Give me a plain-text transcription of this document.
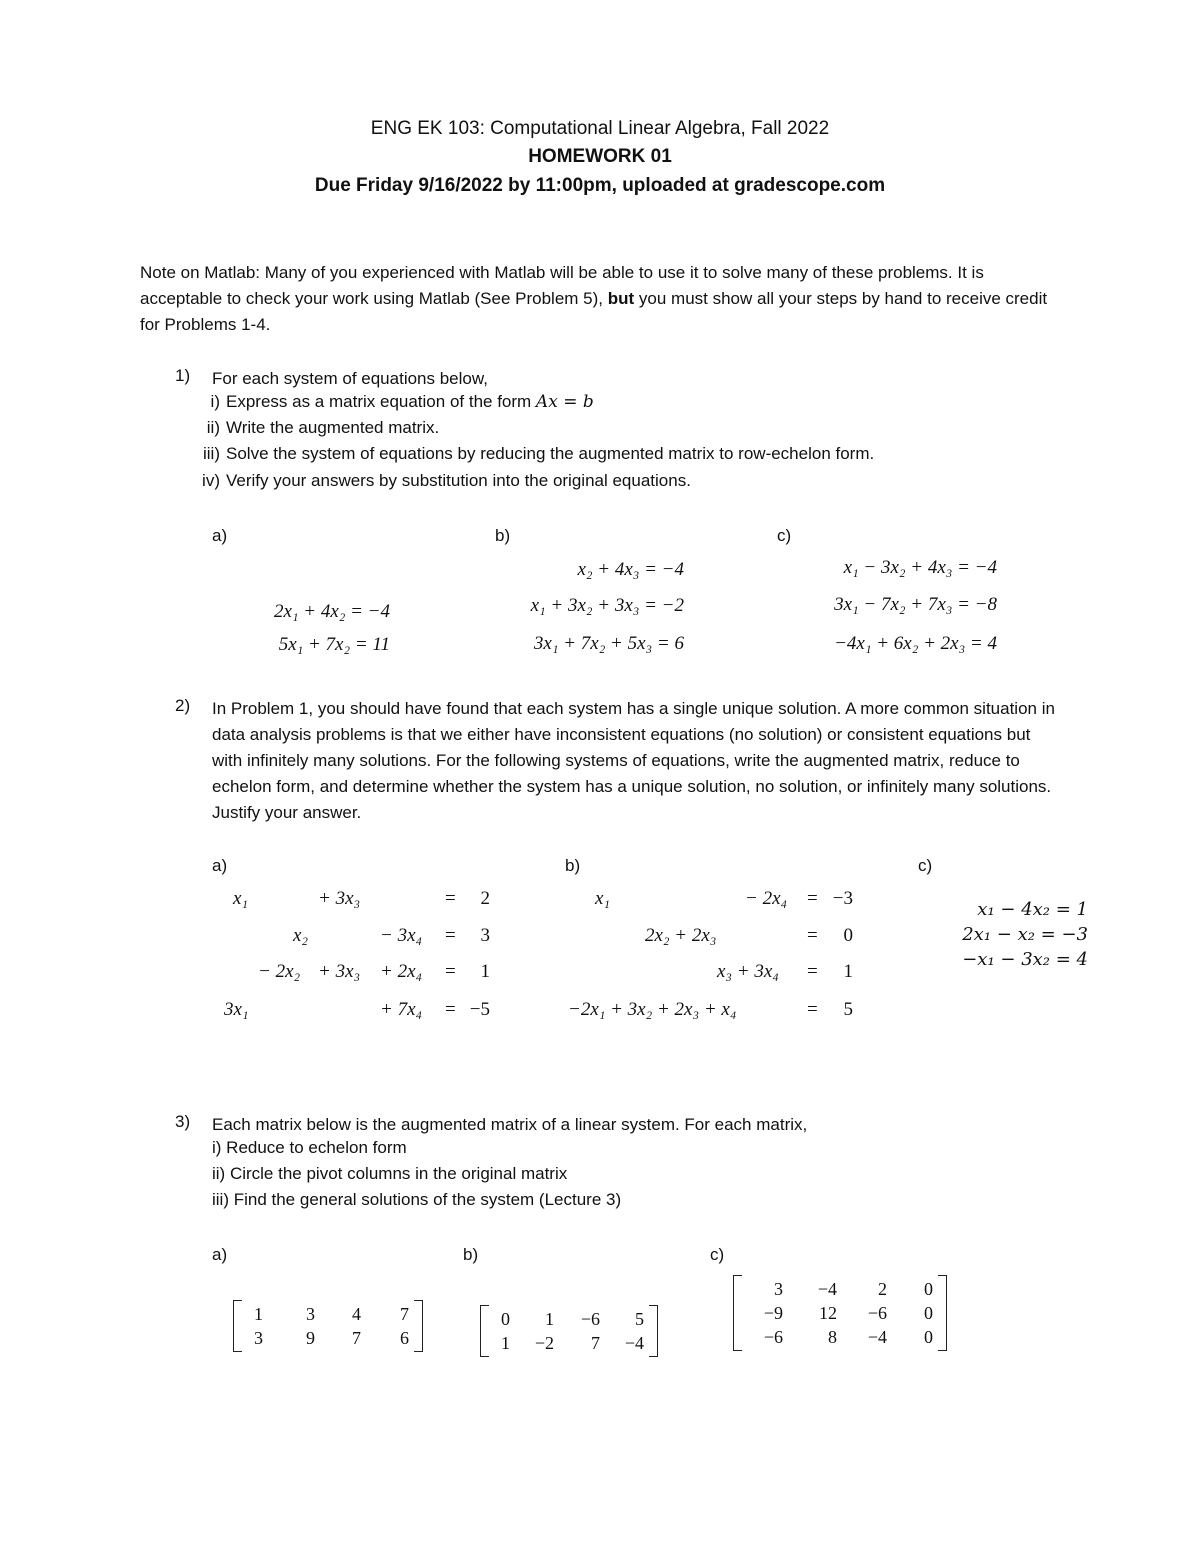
ENG EK 103: Computational Linear Algebra, Fall 2022
HOMEWORK 01
Due Friday 9/16/2022 by 11:00pm, uploaded at gradescope.com
Note on Matlab: Many of you experienced with Matlab will be able to use it to solve many of these problems. It is acceptable to check your work using Matlab (See Problem 5), but you must show all your steps by hand to receive credit for Problems 1-4.
1) For each system of equations below,
i) Express as a matrix equation of the form Ax = b
ii) Write the augmented matrix.
iii) Solve the system of equations by reducing the augmented matrix to row-echelon form.
iv) Verify your answers by substitution into the original equations.
a)	b)	c)
2x₁ + 4x₂ = −4
5x₁ + 7x₂ = 11
x₂ + 4x₃ = −4
x₁ + 3x₂ + 3x₃ = −2
3x₁ + 7x₂ + 5x₃ = 6
x₁ − 3x₂ + 4x₃ = −4
3x₁ − 7x₂ + 7x₃ = −8
−4x₁ + 6x₂ + 2x₃ = 4
2) In Problem 1, you should have found that each system has a single unique solution. A more common situation in data analysis problems is that we either have inconsistent equations (no solution) or consistent equations but with infinitely many solutions. For the following systems of equations, write the augmented matrix, reduce to echelon form, and determine whether the system has a unique solution, no solution, or infinitely many solutions. Justify your answer.
a)	b)	c)
x₁	+ 3x₃	= 2
x₂	− 3x₄ = 3
− 2x₂ + 3x₃ + 2x₄ = 1
3x₁	+ 7x₄ = −5
x₁	− 2x₄ = −3
2x₂ + 2x₃	= 0
x₃ + 3x₄ = 1
−2x₁ + 3x₂ + 2x₃ + x₄	= 5
x₁ − 4x₂ = 1
2x₁ − x₂ = −3
−x₁ − 3x₂ = 4
3) Each matrix below is the augmented matrix of a linear system. For each matrix,
i) Reduce to echelon form
ii) Circle the pivot columns in the original matrix
iii) Find the general solutions of the system (Lecture 3)
a)	b)	c)
1	3	4	7
3	9	7	6
0	1	−6	5
1	−2	7	−4
3	−4	2	0
−9	12	−6	0
−6	8	−4	0
